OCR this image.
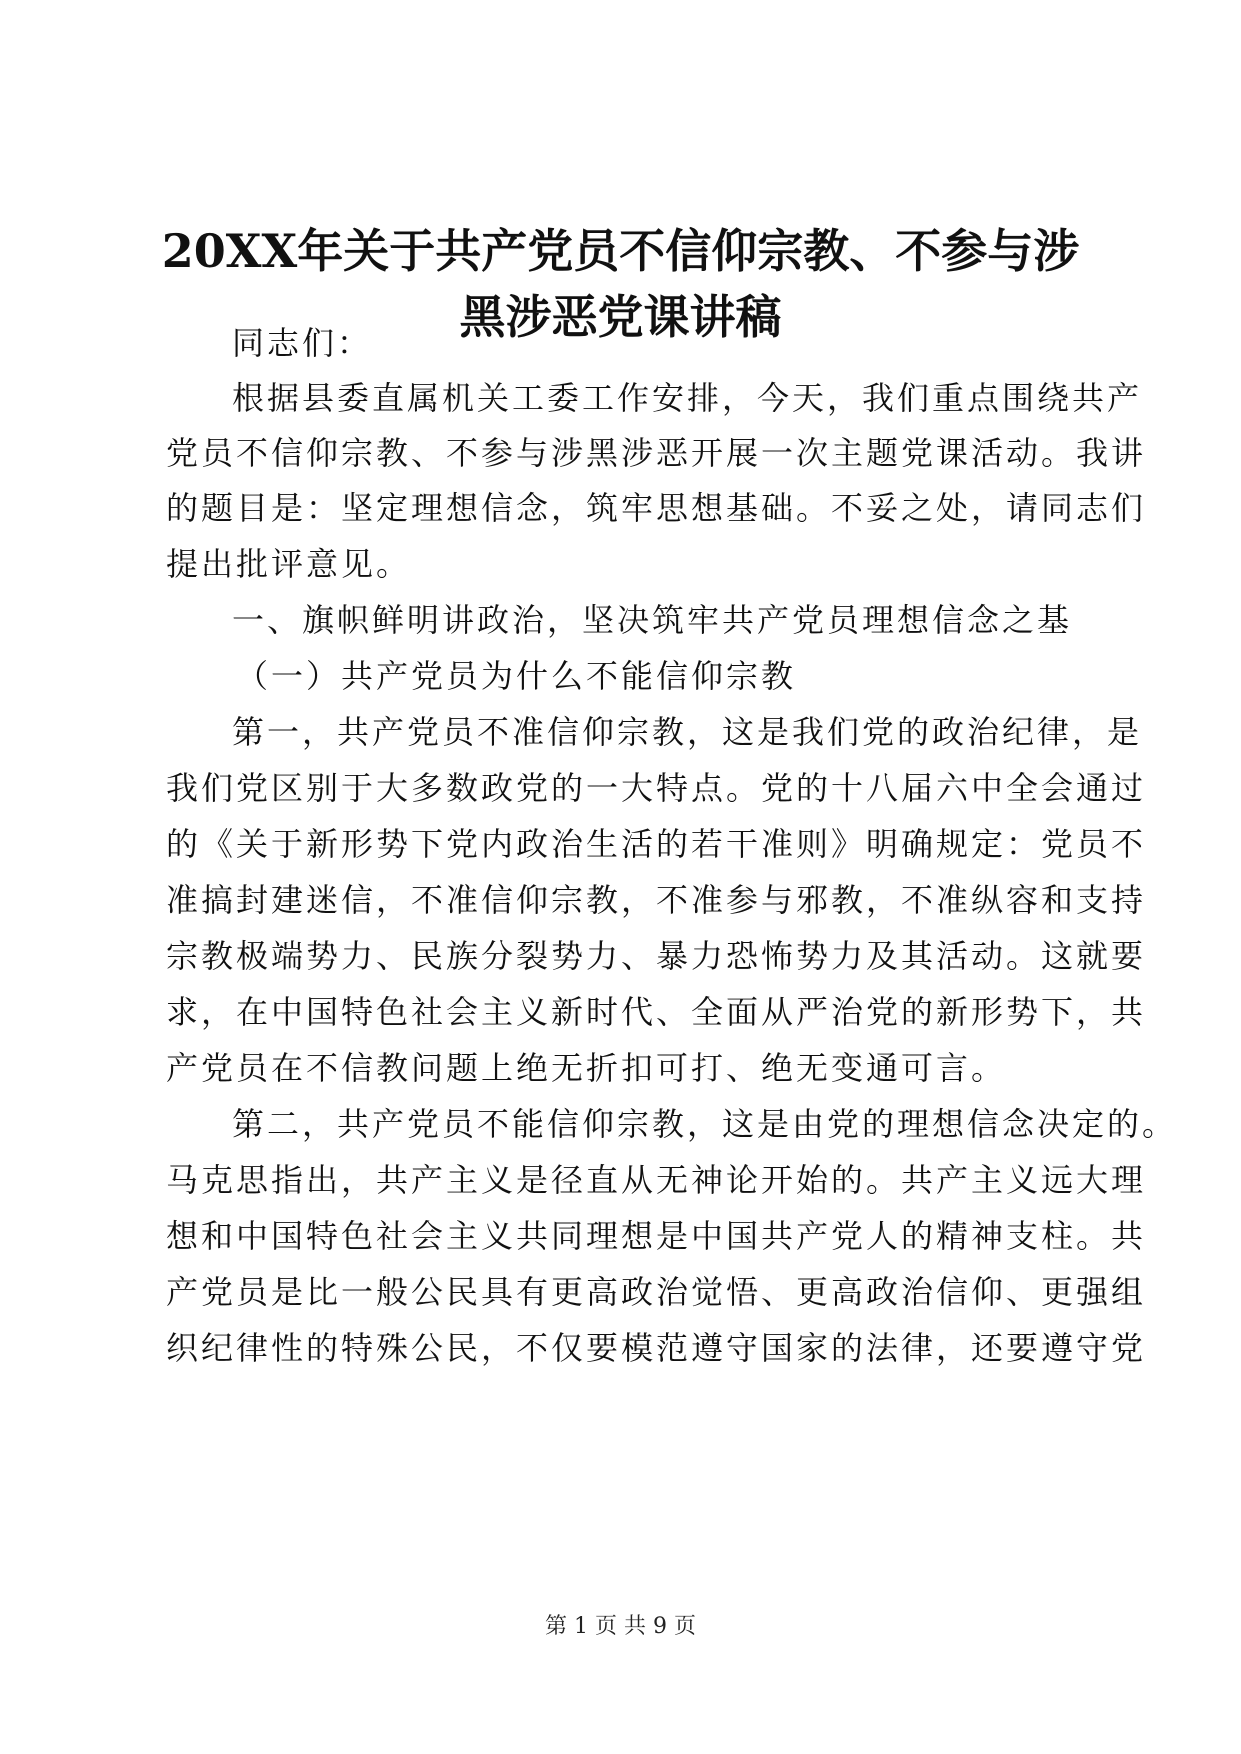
20XX年关于共产党员不信仰宗教、不参与涉
黑涉恶党课讲稿
同志们：
根据县委直属机关工委工作安排，今天，我们重点围绕共产
党员不信仰宗教、不参与涉黑涉恶开展一次主题党课活动。我讲
的题目是：坚定理想信念，筑牢思想基础。不妥之处，请同志们
提出批评意见。
一、旗帜鲜明讲政治，坚决筑牢共产党员理想信念之基
（一）共产党员为什么不能信仰宗教
第一，共产党员不准信仰宗教，这是我们党的政治纪律，是
我们党区别于大多数政党的一大特点。党的十八届六中全会通过
的《关于新形势下党内政治生活的若干准则》明确规定：党员不
准搞封建迷信，不准信仰宗教，不准参与邪教，不准纵容和支持
宗教极端势力、民族分裂势力、暴力恐怖势力及其活动。这就要
求，在中国特色社会主义新时代、全面从严治党的新形势下，共
产党员在不信教问题上绝无折扣可打、绝无变通可言。
第二，共产党员不能信仰宗教，这是由党的理想信念决定的。
马克思指出，共产主义是径直从无神论开始的。共产主义远大理
想和中国特色社会主义共同理想是中国共产党人的精神支柱。共
产党员是比一般公民具有更高政治觉悟、更高政治信仰、更强组
织纪律性的特殊公民，不仅要模范遵守国家的法律，还要遵守党
第 1 页 共 9 页
